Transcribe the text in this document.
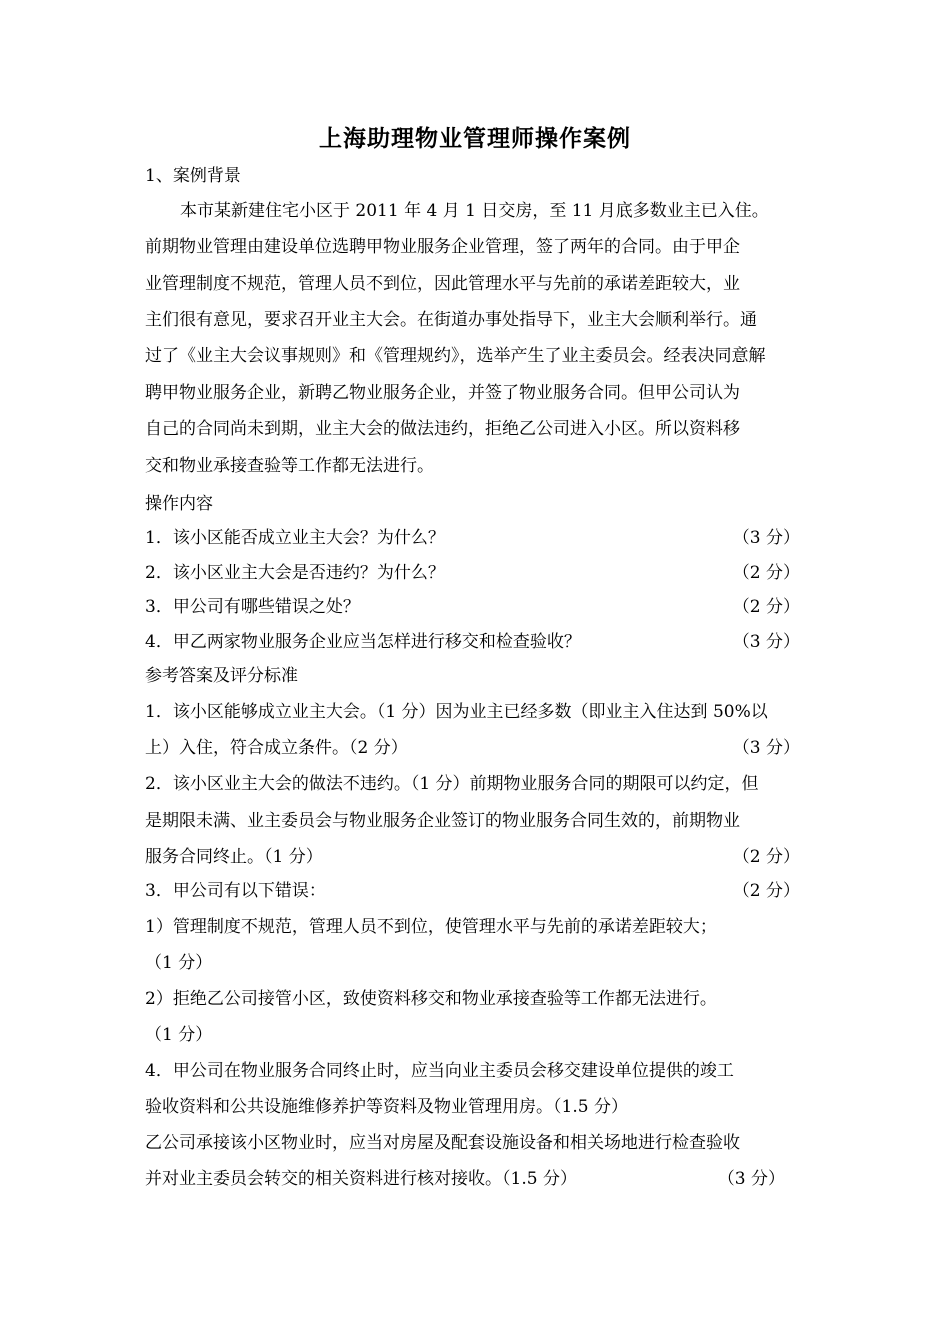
上海助理物业管理师操作案例
1、案例背景
本市某新建住宅小区于 2011 年 4 月 1 日交房，至 11 月底多数业主已入住。
前期物业管理由建设单位选聘甲物业服务企业管理，签了两年的合同。由于甲企
业管理制度不规范，管理人员不到位，因此管理水平与先前的承诺差距较大，业
主们很有意见，要求召开业主大会。在街道办事处指导下，业主大会顺利举行。通
过了《业主大会议事规则》和《管理规约》，选举产生了业主委员会。经表决同意解
聘甲物业服务企业，新聘乙物业服务企业，并签了物业服务合同。但甲公司认为
自己的合同尚未到期，业主大会的做法违约，拒绝乙公司进入小区。所以资料移
交和物业承接查验等工作都无法进行。
操作内容
1．该小区能否成立业主大会？为什么？	（3 分）
2．该小区业主大会是否违约？为什么？	（2 分）
3．甲公司有哪些错误之处？	（2 分）
4．甲乙两家物业服务企业应当怎样进行移交和检查验收？	（3 分）
参考答案及评分标准
1．该小区能够成立业主大会。（1 分）因为业主已经多数（即业主入住达到 50%以
上）入住，符合成立条件。（2 分）	（3 分）
2．该小区业主大会的做法不违约。（1 分）前期物业服务合同的期限可以约定，但
是期限未满、业主委员会与物业服务企业签订的物业服务合同生效的，前期物业
服务合同终止。（1 分）	（2 分）
3．甲公司有以下错误：	（2 分）
1）管理制度不规范，管理人员不到位，使管理水平与先前的承诺差距较大；
（1 分）
2）拒绝乙公司接管小区，致使资料移交和物业承接查验等工作都无法进行。
（1 分）
4．甲公司在物业服务合同终止时，应当向业主委员会移交建设单位提供的竣工
验收资料和公共设施维修养护等资料及物业管理用房。（1.5 分）
乙公司承接该小区物业时，应当对房屋及配套设施设备和相关场地进行检查验收
并对业主委员会转交的相关资料进行核对接收。（1.5 分）	（3 分）
